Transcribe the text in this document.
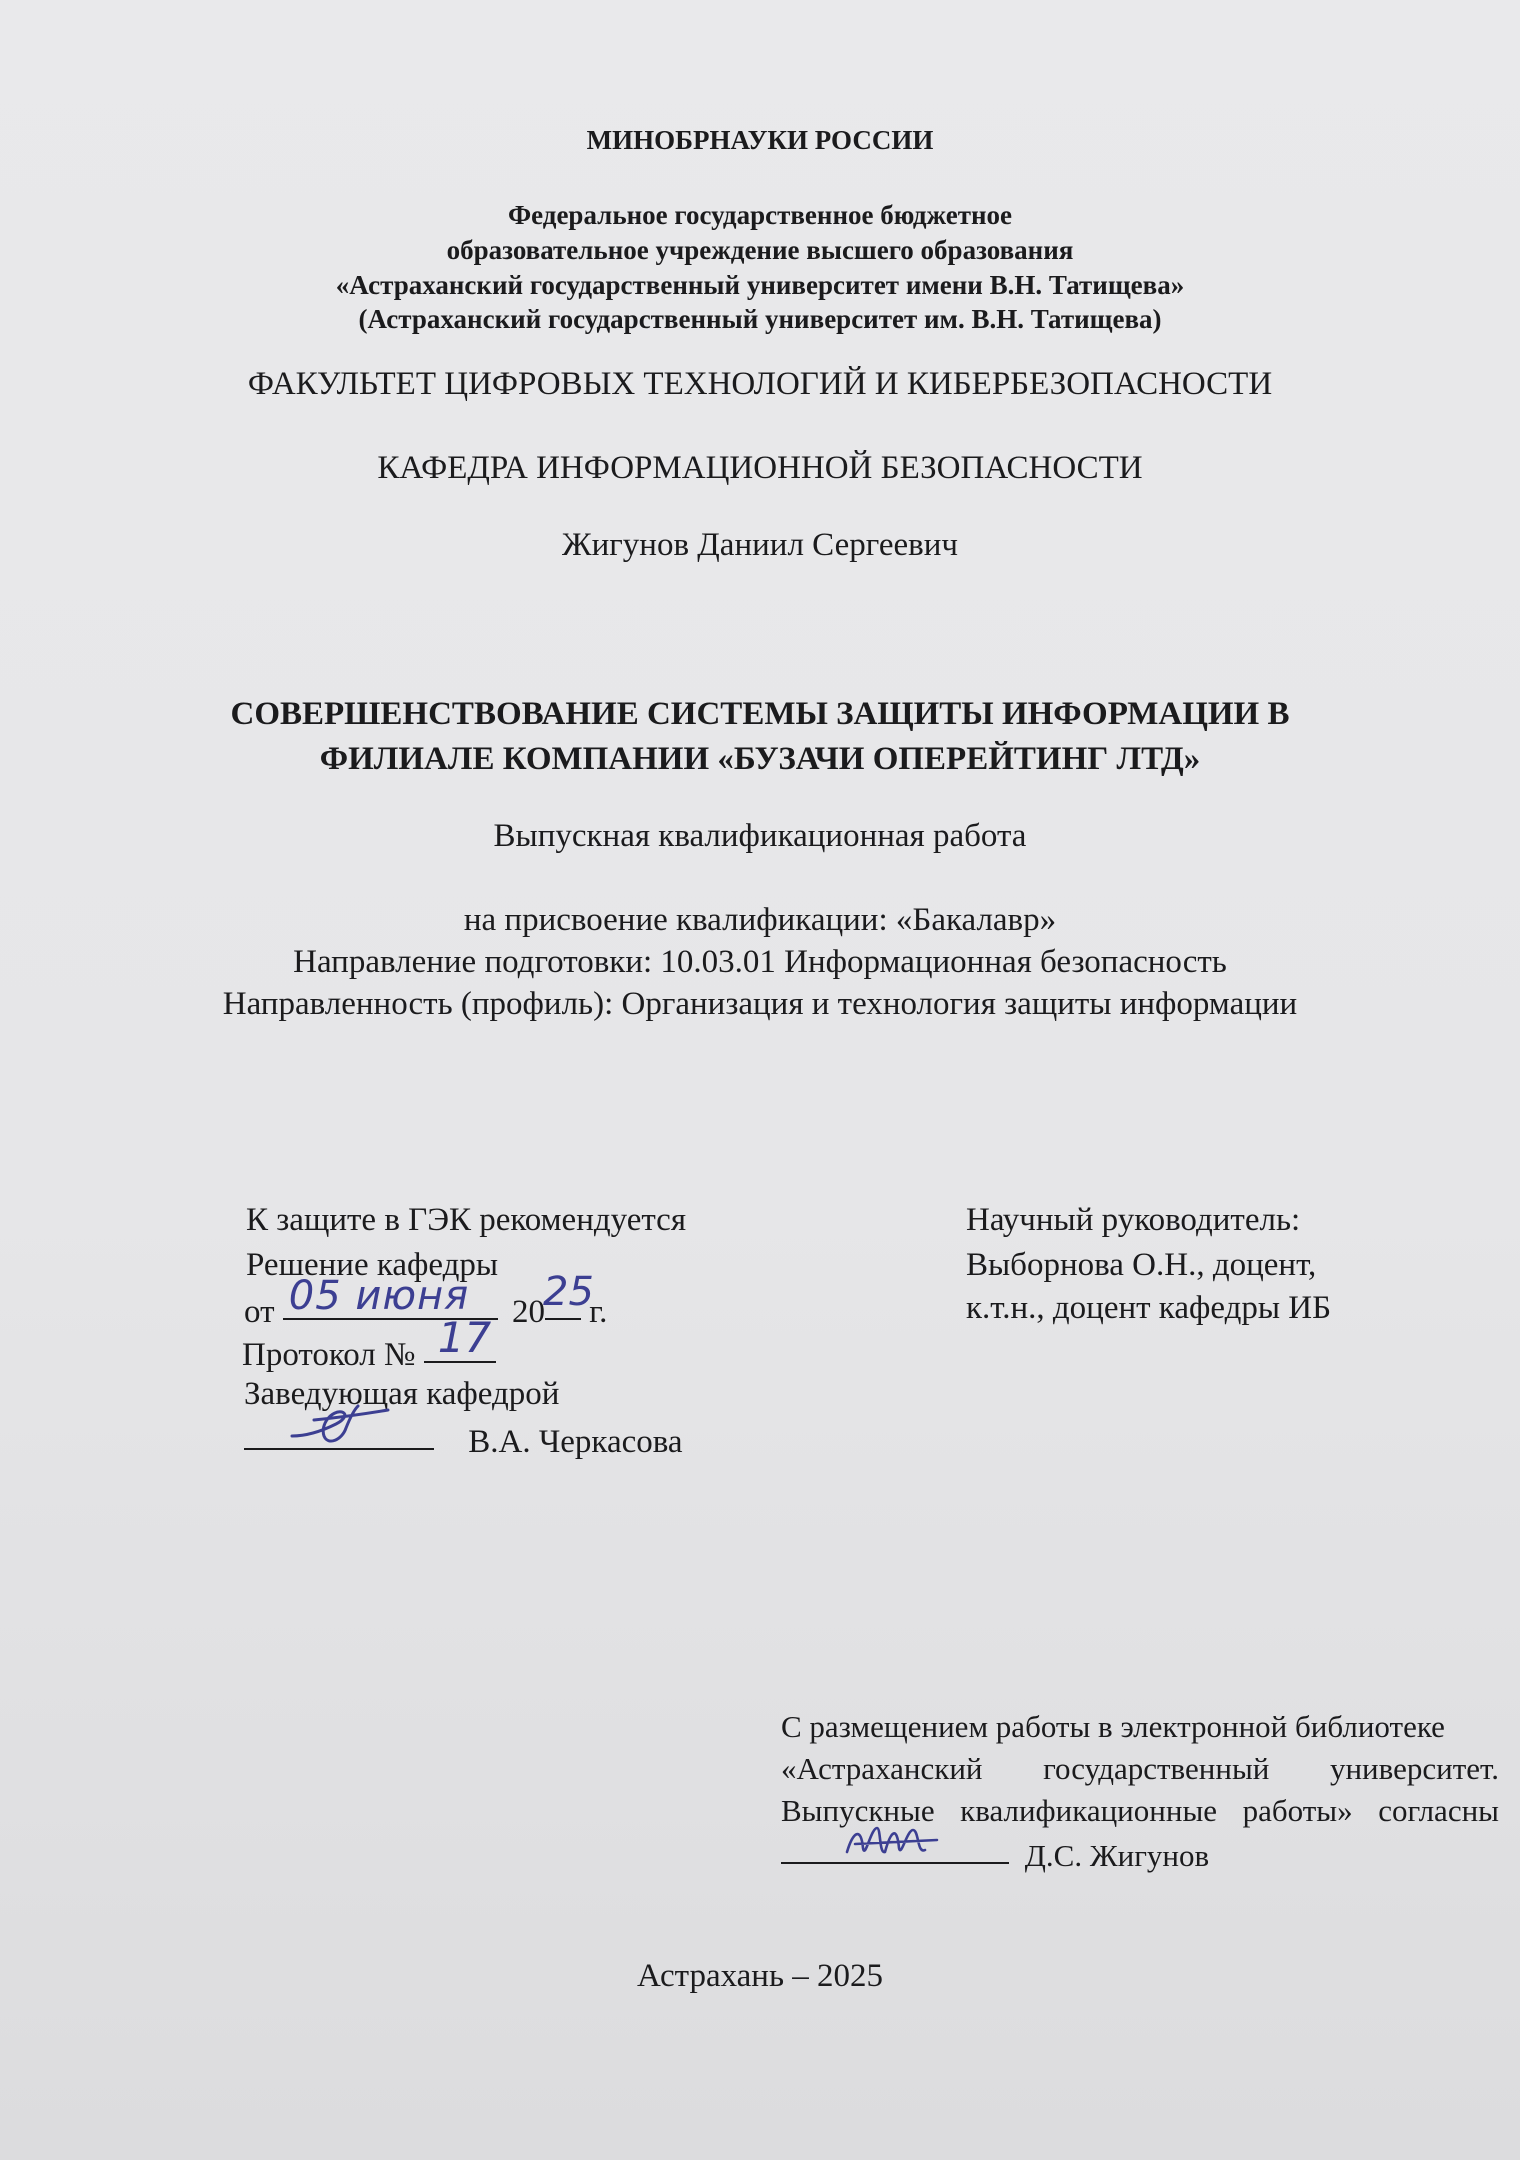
МИНОБРНАУКИ РОССИИ
Федеральное государственное бюджетное
образовательное учреждение высшего образования
«Астраханский государственный университет имени В.Н. Татищева»
(Астраханский государственный университет им. В.Н. Татищева)
ФАКУЛЬТЕТ ЦИФРОВЫХ ТЕХНОЛОГИЙ И КИБЕРБЕЗОПАСНОСТИ
КАФЕДРА ИНФОРМАЦИОННОЙ БЕЗОПАСНОСТИ
Жигунов Даниил Сергеевич
СОВЕРШЕНСТВОВАНИЕ СИСТЕМЫ ЗАЩИТЫ ИНФОРМАЦИИ В
ФИЛИАЛЕ КОМПАНИИ «БУЗАЧИ ОПЕРЕЙТИНГ ЛТД»
Выпускная квалификационная работа
на присвоение квалификации: «Бакалавр»
Направление подготовки: 10.03.01 Информационная безопасность
Направленность (профиль): Организация и технология защиты информации
К защите в ГЭК рекомендуется
Решение кафедры
от 05 июня 20
25
г.
Протокол № 17
Заведующая кафедрой
В.А. Черкасова
Научный руководитель:
Выборнова О.Н., доцент,
к.т.н., доцент кафедры ИБ
С размещением работы в электронной библиотеке
«Астраханский государственный университет.
Выпускные квалификационные работы» согласны
Д.С. Жигунов
Астрахань – 2025
